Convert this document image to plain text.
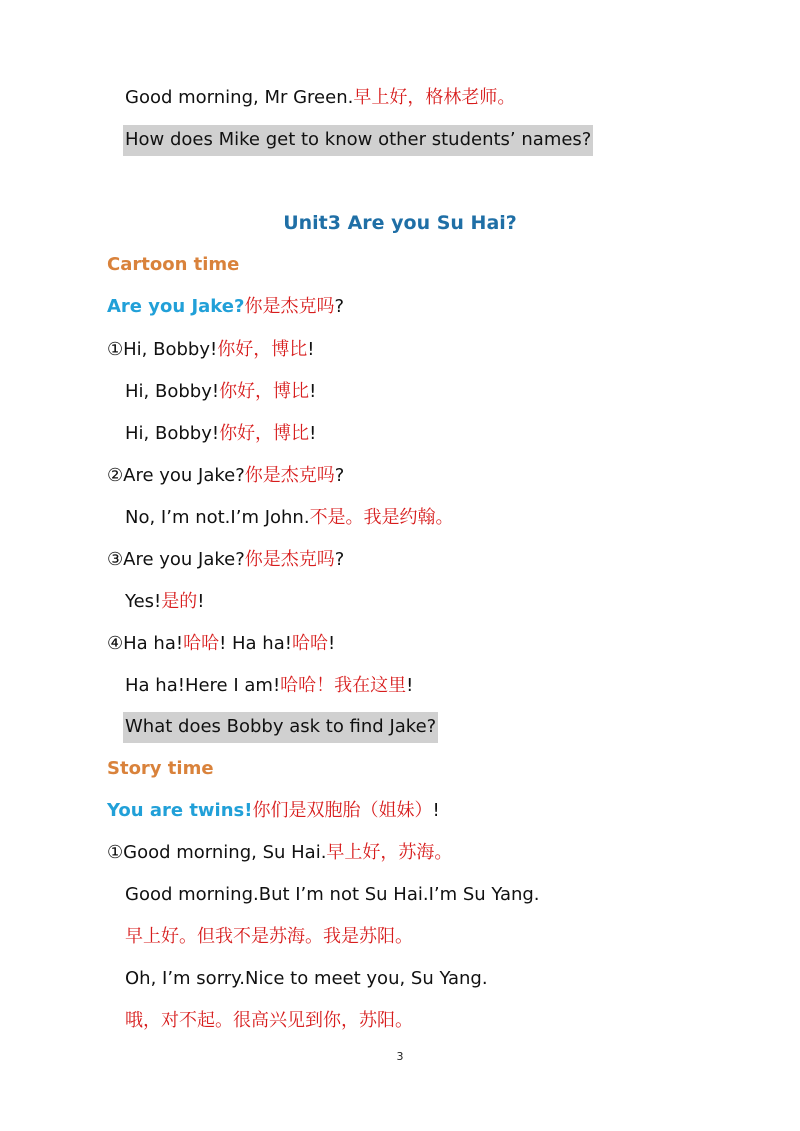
Good morning, Mr Green.早上好，格林老师。
How does Mike get to know other students’ names?
Unit3 Are you Su Hai?
Cartoon time
Are you Jake?你是杰克吗?
①Hi, Bobby!你好，博比!
Hi, Bobby!你好，博比!
Hi, Bobby!你好，博比!
②Are you Jake?你是杰克吗?
No, I’m not.I’m John.不是。我是约翰。
③Are you Jake?你是杰克吗?
Yes!是的!
④Ha ha!哈哈! Ha ha!哈哈!
Ha ha!Here I am!哈哈！我在这里!
What does Bobby ask to find Jake?
Story time
You are twins!你们是双胞胎（姐妹）!
①Good morning, Su Hai.早上好，苏海。
Good morning.But I’m not Su Hai.I’m Su Yang.
早上好。但我不是苏海。我是苏阳。
Oh, I’m sorry.Nice to meet you, Su Yang.
哦，对不起。很高兴见到你，苏阳。
3
